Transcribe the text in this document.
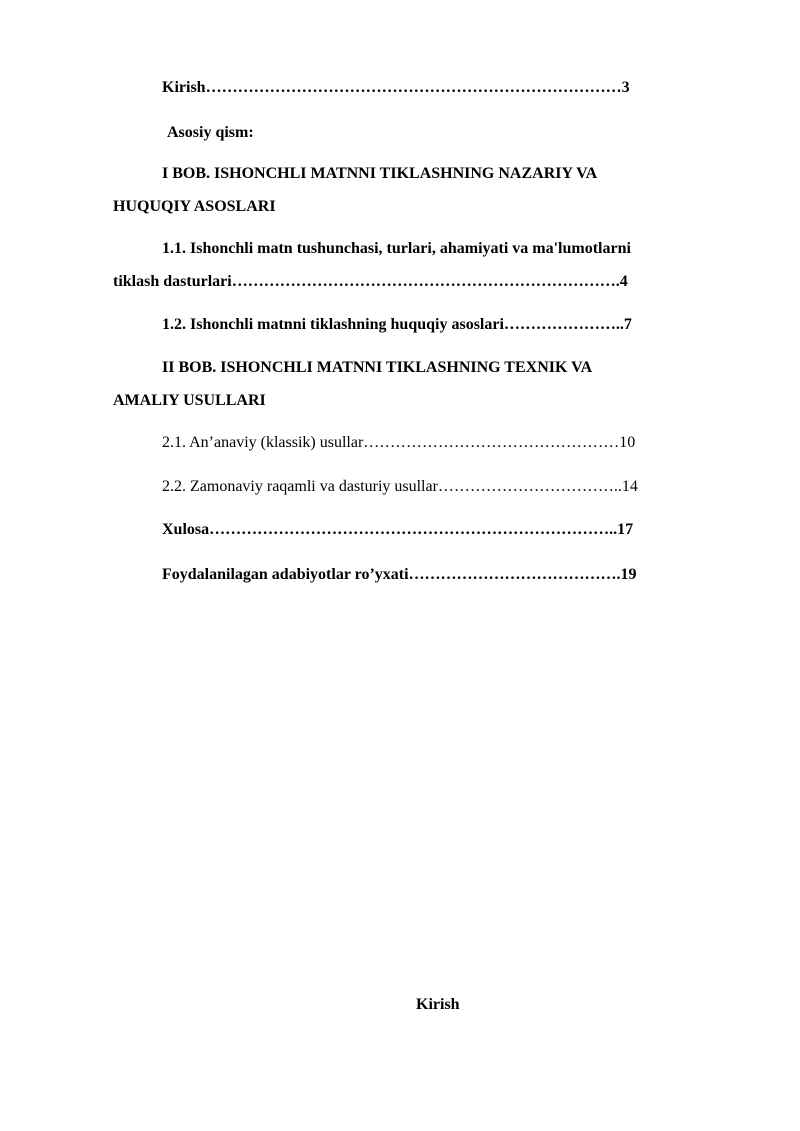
Kirish……………………………………………………………………3
Asosiy qism:
I BOB. ISHONCHLI MATNNI TIKLASHNING NAZARIY VA
HUQUQIY ASOSLARI
1.1. Ishonchli matn tushunchasi, turlari, ahamiyati va ma'lumotlarni
tiklash dasturlari……………………………………………………………….4
1.2. Ishonchli matnni tiklashning huquqiy asoslari…………………..7
II BOB. ISHONCHLI MATNNI TIKLASHNING TEXNIK VA
AMALIY USULLARI
2.1. An’anaviy (klassik) usullar…………………………………………10
2.2. Zamonaviy raqamli va dasturiy usullar……………………………..14
Xulosa…………………………………………………………………..17
Foydalanilagan adabiyotlar ro’yxati………………………………….19
Kirish
